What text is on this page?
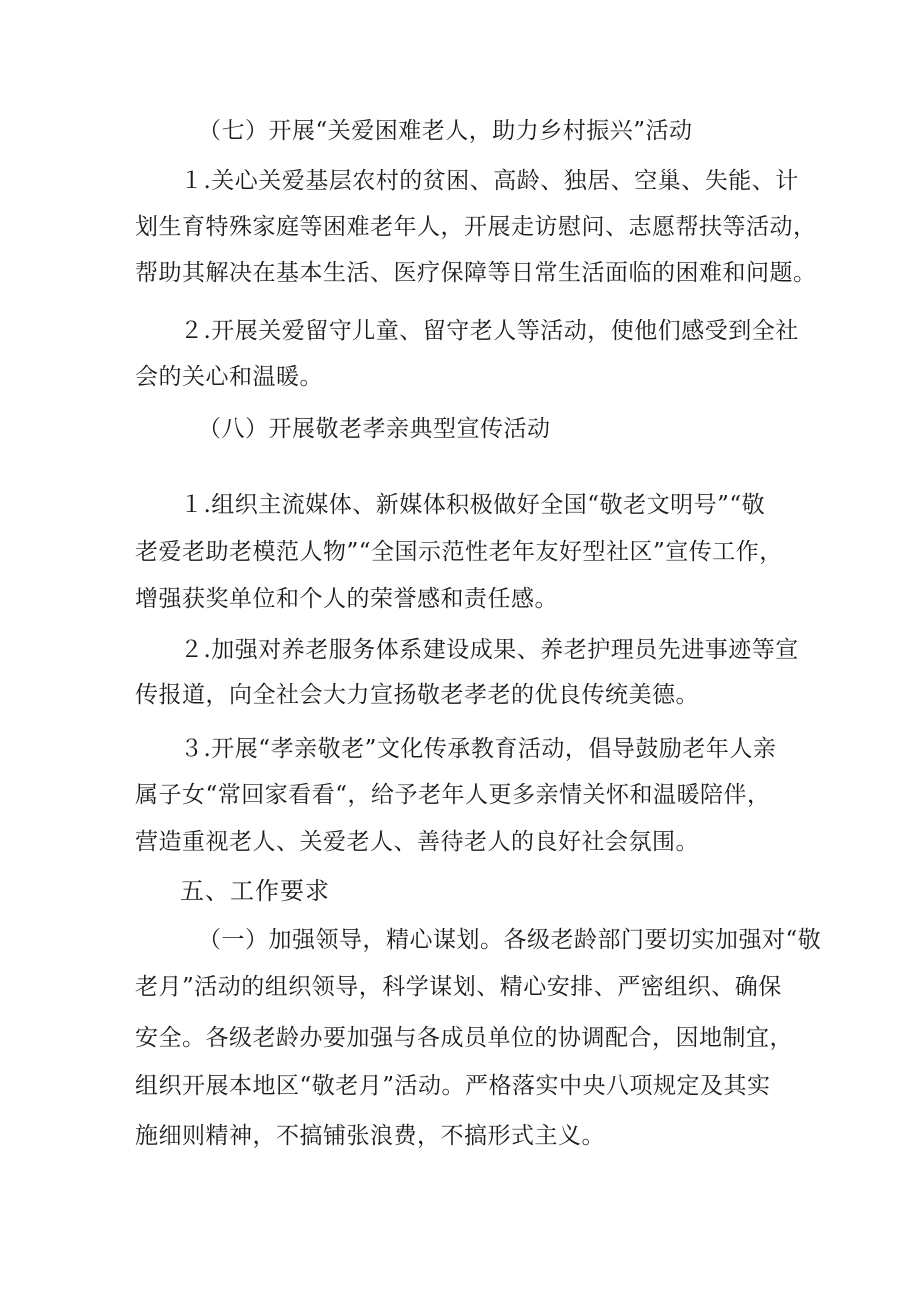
（七）开展“关爱困难老人，助力乡村振兴”活动
１.关心关爱基层农村的贫困、高龄、独居、空巢、失能、计
划生育特殊家庭等困难老年人，开展走访慰问、志愿帮扶等活动，
帮助其解决在基本生活、医疗保障等日常生活面临的困难和问题。
２.开展关爱留守儿童、留守老人等活动，使他们感受到全社
会的关心和温暖。
（八）开展敬老孝亲典型宣传活动
１.组织主流媒体、新媒体积极做好全国“敬老文明号”“敬
老爱老助老模范人物”“全国示范性老年友好型社区”宣传工作，
增强获奖单位和个人的荣誉感和责任感。
２.加强对养老服务体系建设成果、养老护理员先进事迹等宣
传报道，向全社会大力宣扬敬老孝老的优良传统美德。
３.开展“孝亲敬老”文化传承教育活动，倡导鼓励老年人亲
属子女“常回家看看“，给予老年人更多亲情关怀和温暖陪伴，
营造重视老人、关爱老人、善待老人的良好社会氛围。
五、工作要求
（一）加强领导，精心谋划。各级老龄部门要切实加强对“敬
老月”活动的组织领导，科学谋划、精心安排、严密组织、确保
安全。各级老龄办要加强与各成员单位的协调配合，因地制宜，
组织开展本地区“敬老月”活动。严格落实中央八项规定及其实
施细则精神，不搞铺张浪费，不搞形式主义。
